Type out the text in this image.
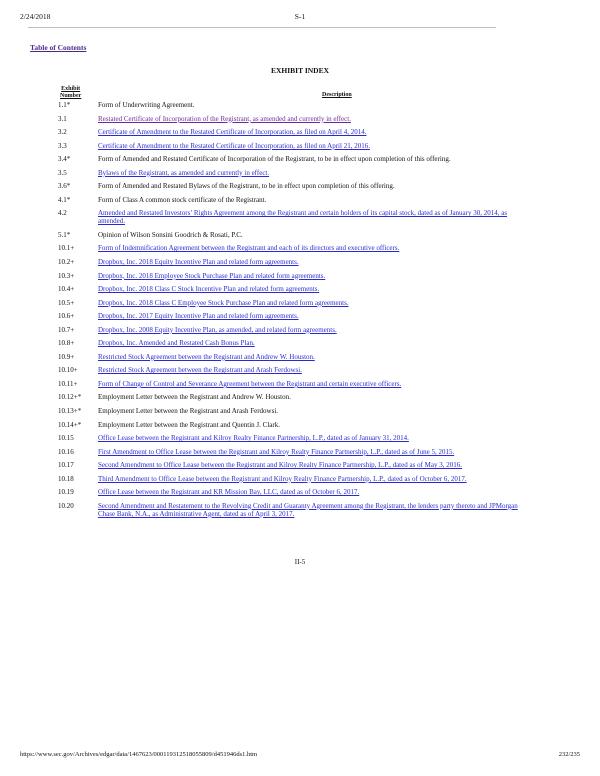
2/24/2018	S-1
Table of Contents
EXHIBIT INDEX
Exhibit
Number	Description
1.1*	Form of Underwriting Agreement.
3.1	Restated Certificate of Incorporation of the Registrant, as amended and currently in effect.
3.2	Certificate of Amendment to the Restated Certificate of Incorporation, as filed on April 4, 2014.
3.3	Certificate of Amendment to the Restated Certificate of Incorporation, as filed on April 21, 2016.
3.4*	Form of Amended and Restated Certificate of Incorporation of the Registrant, to be in effect upon completion of this offering.
3.5	Bylaws of the Registrant, as amended and currently in effect.
3.6*	Form of Amended and Restated Bylaws of the Registrant, to be in effect upon completion of this offering.
4.1*	Form of Class A common stock certificate of the Registrant.
4.2	Amended and Restated Investors’ Rights Agreement among the Registrant and certain holders of its capital stock, dated as of January 30, 2014, as amended.
5.1*	Opinion of Wilson Sonsini Goodrich & Rosati, P.C.
10.1+	Form of Indemnification Agreement between the Registrant and each of its directors and executive officers.
10.2+	Dropbox, Inc. 2018 Equity Incentive Plan and related form agreements.
10.3+	Dropbox, Inc. 2018 Employee Stock Purchase Plan and related form agreements.
10.4+	Dropbox, Inc. 2018 Class C Stock Incentive Plan and related form agreements.
10.5+	Dropbox, Inc. 2018 Class C Employee Stock Purchase Plan and related form agreements.
10.6+	Dropbox, Inc. 2017 Equity Incentive Plan and related form agreements.
10.7+	Dropbox, Inc. 2008 Equity Incentive Plan, as amended, and related form agreements.
10.8+	Dropbox, Inc. Amended and Restated Cash Bonus Plan.
10.9+	Restricted Stock Agreement between the Registrant and Andrew W. Houston.
10.10+	Restricted Stock Agreement between the Registrant and Arash Ferdowsi.
10.11+	Form of Change of Control and Severance Agreement between the Registrant and certain executive officers.
10.12+*	Employment Letter between the Registrant and Andrew W. Houston.
10.13+*	Employment Letter between the Registrant and Arash Ferdowsi.
10.14+*	Employment Letter between the Registrant and Quentin J. Clark.
10.15	Office Lease between the Registrant and Kilroy Realty Finance Partnership, L.P., dated as of January 31, 2014.
10.16	First Amendment to Office Lease between the Registrant and Kilroy Realty Finance Partnership, L.P., dated as of June 5, 2015.
10.17	Second Amendment to Office Lease between the Registrant and Kilroy Realty Finance Partnership, L.P., dated as of May 3, 2016.
10.18	Third Amendment to Office Lease between the Registrant and Kilroy Realty Finance Partnership, L.P., dated as of October 6, 2017.
10.19	Office Lease between the Registrant and KR Mission Bay, LLC, dated as of October 6, 2017.
10.20	Second Amendment and Restatement to the Revolving Credit and Guaranty Agreement among the Registrant, the lenders party thereto and JPMorgan Chase Bank, N.A., as Administrative Agent, dated as of April 3, 2017.
II-5
https://www.sec.gov/Archives/edgar/data/1467623/000119312518055809/d451946ds1.htm	232/235
